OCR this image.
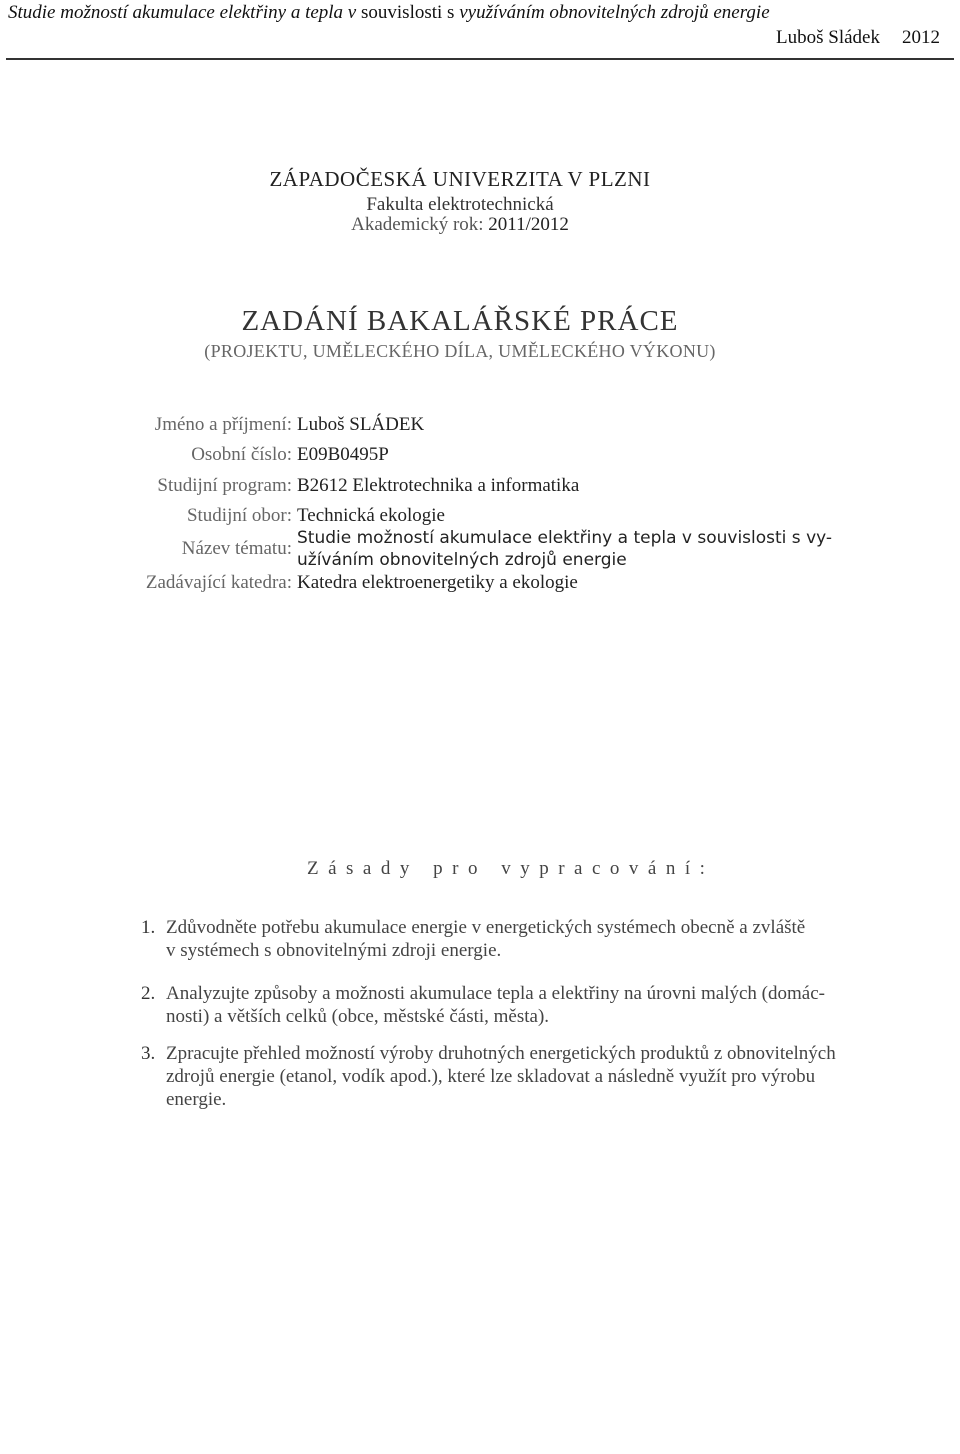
Studie možností akumulace elektřiny a tepla v souvislosti s využíváním obnovitelných zdrojů energie
Luboš Sládek 2012
ZÁPADOČESKÁ UNIVERZITA V PLZNI
Fakulta elektrotechnická
Akademický rok: 2011/2012
ZADÁNÍ BAKALÁŘSKÉ PRÁCE
(PROJEKTU, UMĚLECKÉHO DÍLA, UMĚLECKÉHO VÝKONU)
Jméno a příjmení: Luboš SLÁDEK
Osobní číslo: E09B0495P
Studijní program: B2612 Elektrotechnika a informatika
Studijní obor: Technická ekologie
Název tématu: Studie možností akumulace elektřiny a tepla v souvislosti s vy-
užíváním obnovitelných zdrojů energie
Zadávající katedra: Katedra elektroenergetiky a ekologie
Zásady pro vypracování:
1. Zdůvodněte potřebu akumulace energie v energetických systémech obecně a zvláště
v systémech s obnovitelnými zdroji energie.
2. Analyzujte způsoby a možnosti akumulace tepla a elektřiny na úrovni malých (domác-
nosti) a větších celků (obce, městské části, města).
3. Zpracujte přehled možností výroby druhotných energetických produktů z obnovitelných
zdrojů energie (etanol, vodík apod.), které lze skladovat a následně využít pro výrobu
energie.
